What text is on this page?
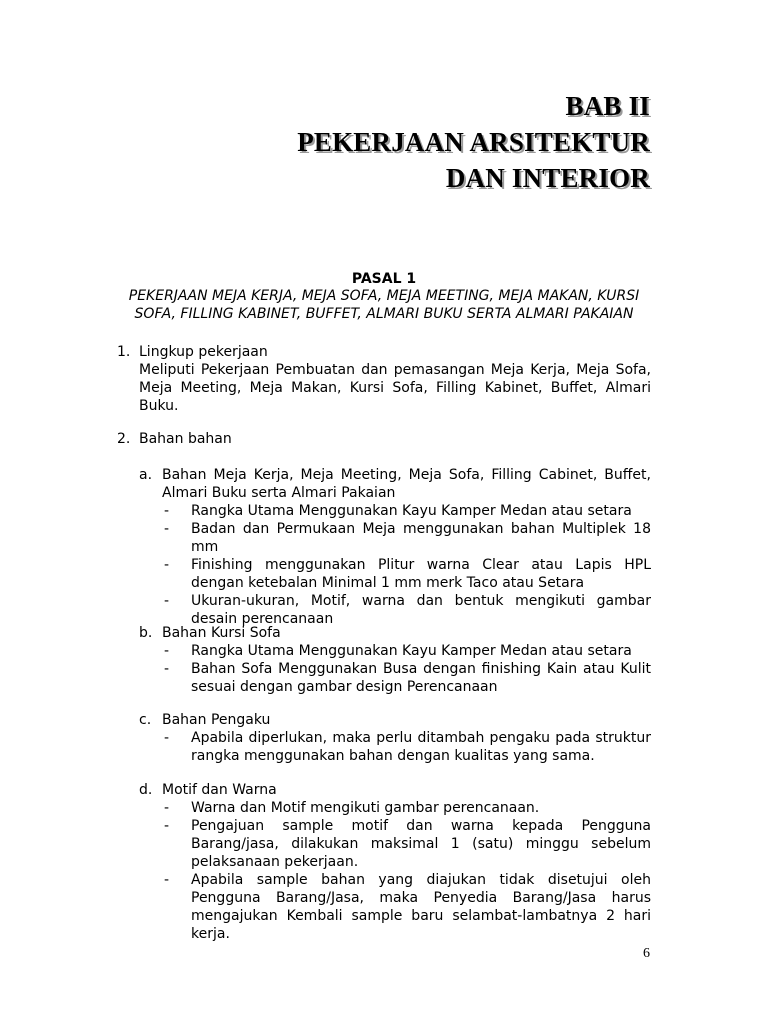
BAB II
PEKERJAAN ARSITEKTUR
DAN INTERIOR
PASAL 1
PEKERJAAN MEJA KERJA, MEJA SOFA, MEJA MEETING, MEJA MAKAN, KURSI
SOFA, FILLING KABINET, BUFFET, ALMARI BUKU SERTA ALMARI PAKAIAN
1. Lingkup pekerjaan
Meliputi Pekerjaan Pembuatan dan pemasangan Meja Kerja, Meja Sofa, Meja Meeting, Meja Makan, Kursi Sofa, Filling Kabinet, Buffet, Almari Buku.
2. Bahan bahan
a. Bahan Meja Kerja, Meja Meeting, Meja Sofa, Filling Cabinet, Buffet, Almari Buku serta Almari Pakaian
- Rangka Utama Menggunakan Kayu Kamper Medan atau setara
- Badan dan Permukaan Meja menggunakan bahan Multiplek 18 mm
- Finishing menggunakan Plitur warna Clear atau Lapis HPL dengan ketebalan Minimal 1 mm merk Taco atau Setara
- Ukuran-ukuran, Motif, warna dan bentuk mengikuti gambar desain perencanaan
b. Bahan Kursi Sofa
- Rangka Utama Menggunakan Kayu Kamper Medan atau setara
- Bahan Sofa Menggunakan Busa dengan finishing Kain atau Kulit sesuai dengan gambar design Perencanaan
c. Bahan Pengaku
- Apabila diperlukan, maka perlu ditambah pengaku pada struktur rangka menggunakan bahan dengan kualitas yang sama.
d. Motif dan Warna
- Warna dan Motif mengikuti gambar perencanaan.
- Pengajuan sample motif dan warna kepada Pengguna Barang/jasa, dilakukan maksimal 1 (satu) minggu sebelum pelaksanaan pekerjaan.
- Apabila sample bahan yang diajukan tidak disetujui oleh Pengguna Barang/Jasa, maka Penyedia Barang/Jasa harus mengajukan Kembali sample baru selambat-lambatnya 2 hari kerja.
6
